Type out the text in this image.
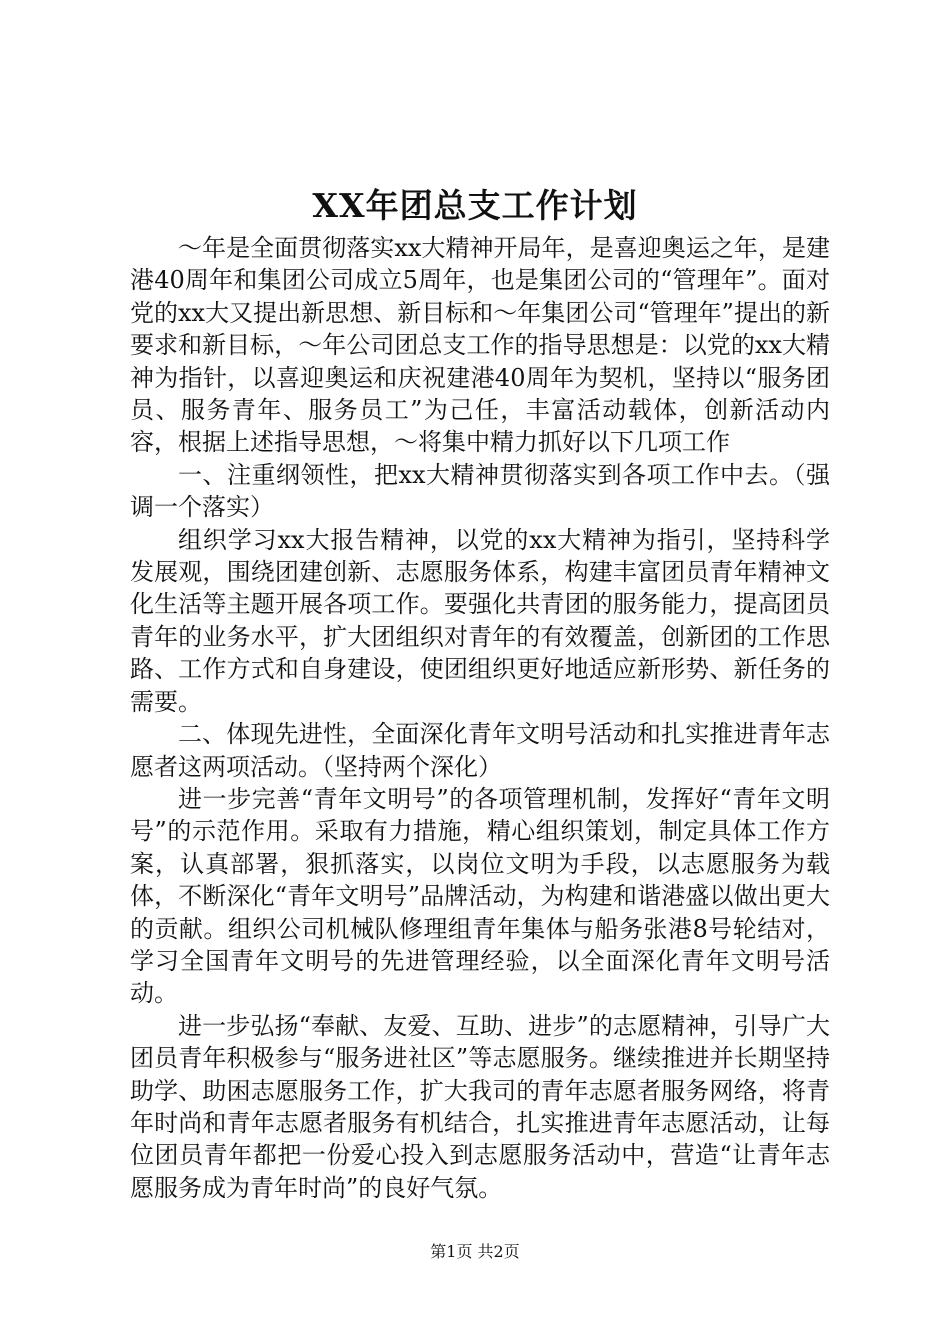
XX年团总支工作计划

～年是全面贯彻落实xx大精神开局年，是喜迎奥运之年，是建港40周年和集团公司成立5周年，也是集团公司的“管理年”。面对党的xx大又提出新思想、新目标和～年集团公司“管理年”提出的新要求和新目标，～年公司团总支工作的指导思想是：以党的xx大精神为指针，以喜迎奥运和庆祝建港40周年为契机，坚持以“服务团员、服务青年、服务员工”为己任，丰富活动载体，创新活动内容，根据上述指导思想，～将集中精力抓好以下几项工作

一、注重纲领性，把xx大精神贯彻落实到各项工作中去。（强调一个落实）

组织学习xx大报告精神，以党的xx大精神为指引，坚持科学发展观，围绕团建创新、志愿服务体系，构建丰富团员青年精神文化生活等主题开展各项工作。要强化共青团的服务能力，提高团员青年的业务水平，扩大团组织对青年的有效覆盖，创新团的工作思路、工作方式和自身建设，使团组织更好地适应新形势、新任务的需要。

二、体现先进性，全面深化青年文明号活动和扎实推进青年志愿者这两项活动。（坚持两个深化）

进一步完善“青年文明号”的各项管理机制，发挥好“青年文明号”的示范作用。采取有力措施，精心组织策划，制定具体工作方案，认真部署，狠抓落实，以岗位文明为手段，以志愿服务为载体，不断深化“青年文明号”品牌活动，为构建和谐港盛以做出更大的贡献。组织公司机械队修理组青年集体与船务张港8号轮结对，学习全国青年文明号的先进管理经验，以全面深化青年文明号活动。

进一步弘扬“奉献、友爱、互助、进步”的志愿精神，引导广大团员青年积极参与“服务进社区”等志愿服务。继续推进并长期坚持助学、助困志愿服务工作，扩大我司的青年志愿者服务网络，将青年时尚和青年志愿者服务有机结合，扎实推进青年志愿活动，让每位团员青年都把一份爱心投入到志愿服务活动中，营造“让青年志愿服务成为青年时尚”的良好气氛。

第1页 共2页
